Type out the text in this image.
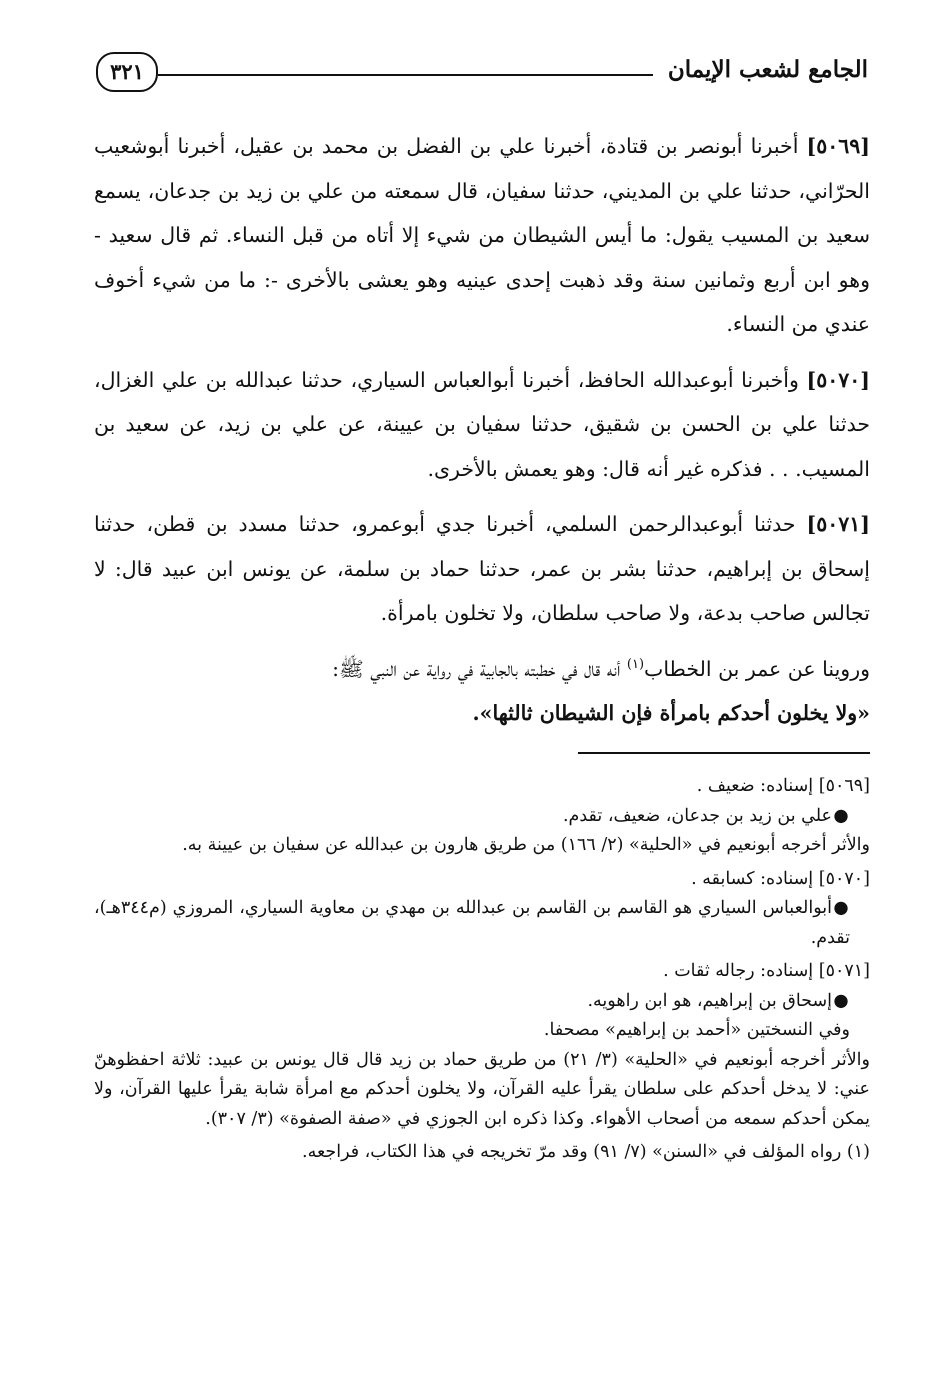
الجامع لشعب الإيمان
٣٢١

[٥٠٦٩] أخبرنا أبونصر بن قتادة، أخبرنا علي بن الفضل بن محمد بن عقيل، أخبرنا أبوشعيب الحرّاني، حدثنا علي بن المديني، حدثنا سفيان، قال سمعته من علي بن زيد بن جدعان، يسمع سعيد بن المسيب يقول: ما أيس الشيطان من شيء إلا أتاه من قبل النساء. ثم قال سعيد - وهو ابن أربع وثمانين سنة وقد ذهبت إحدى عينيه وهو يعشى بالأخرى -: ما من شيء أخوف عندي من النساء.

[٥٠٧٠] وأخبرنا أبوعبدالله الحافظ، أخبرنا أبوالعباس السياري، حدثنا عبدالله بن علي الغزال، حدثنا علي بن الحسن بن شقيق، حدثنا سفيان بن عيينة، عن علي بن زيد، عن سعيد بن المسيب. . . فذكره غير أنه قال: وهو يعمش بالأخرى.

[٥٠٧١] حدثنا أبوعبدالرحمن السلمي، أخبرنا جدي أبوعمرو، حدثنا مسدد بن قطن، حدثنا إسحاق بن إبراهيم، حدثنا بشر بن عمر، حدثنا حماد بن سلمة، عن يونس ابن عبيد قال: لا تجالس صاحب بدعة، ولا صاحب سلطان، ولا تخلون بامرأة.

وروينا عن عمر بن الخطاب$^{(١)}$ أنه قال في خطبته بالجابية في رواية عن النبي ﷺ:
«ولا يخلون أحدكم بامرأة فإن الشيطان ثالثها».

[٥٠٦٩] إسناده: ضعيف .

●علي بن زيد بن جدعان، ضعيف، تقدم.

والأثر أخرجه أبونعيم في «الحلية» (٢/ ١٦٦) من طريق هارون بن عبدالله عن سفيان بن عيينة به.

[٥٠٧٠] إسناده: كسابقه .

●أبوالعباس السياري هو القاسم بن القاسم بن عبدالله بن مهدي بن معاوية السياري، المروزي (م٣٤٤هـ)، تقدم.

[٥٠٧١] إسناده: رجاله ثقات .

●إسحاق بن إبراهيم، هو ابن راهويه.

وفي النسختين «أحمد بن إبراهيم» مصحفا.

والأثر أخرجه أبونعيم في «الحلية» (٣/ ٢١) من طريق حماد بن زيد قال قال يونس بن عبيد: ثلاثة احفظوهنّ عني: لا يدخل أحدكم على سلطان يقرأ عليه القرآن، ولا يخلون أحدكم مع امرأة شابة يقرأ عليها القرآن، ولا يمكن أحدكم سمعه من أصحاب الأهواء. وكذا ذكره ابن الجوزي في «صفة الصفوة» (٣/ ٣٠٧).

(١) رواه المؤلف في «السنن» (٧/ ٩١) وقد مرّ تخريجه في هذا الكتاب، فراجعه.
